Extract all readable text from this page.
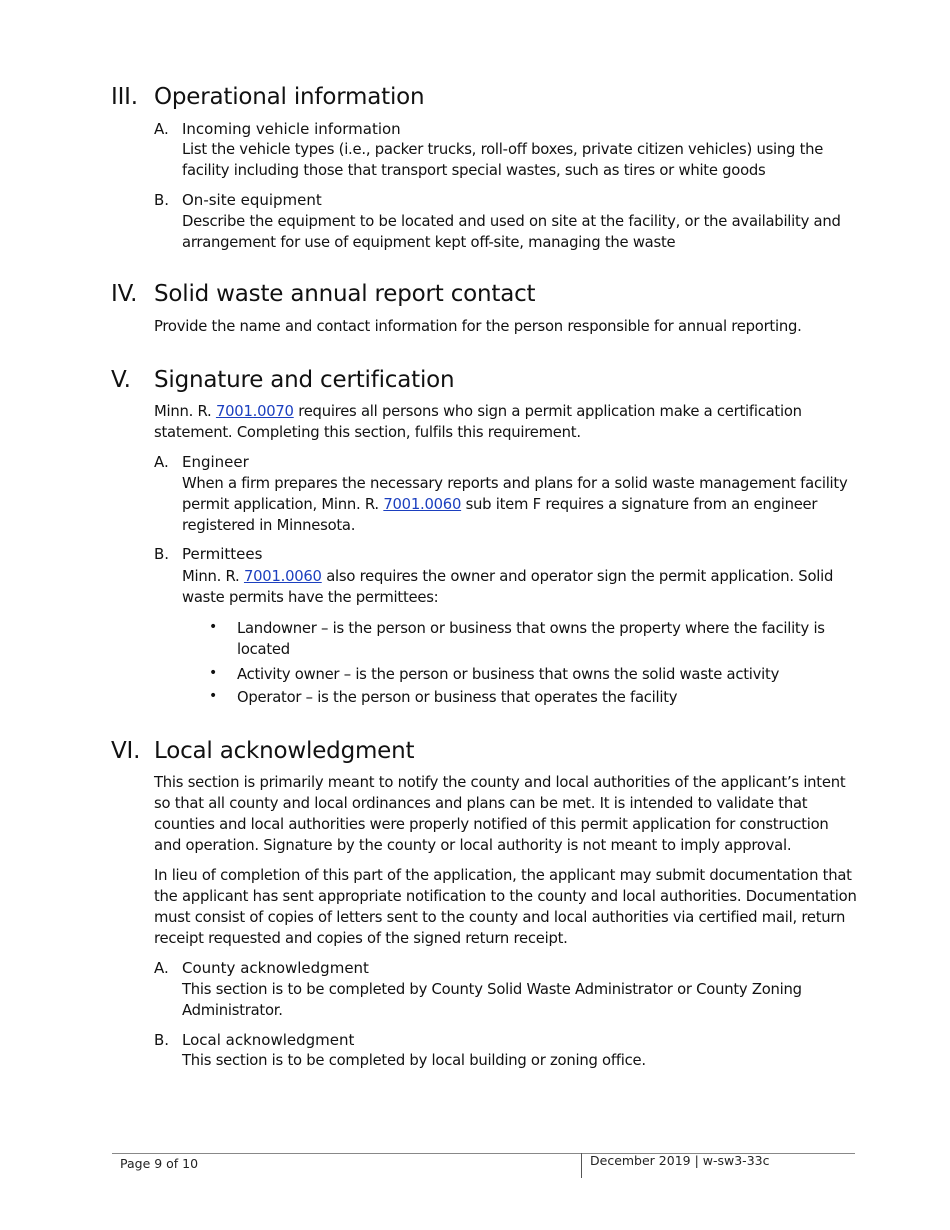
III. Operational information
A. Incoming vehicle information
List the vehicle types (i.e., packer trucks, roll-off boxes, private citizen vehicles) using the
facility including those that transport special wastes, such as tires or white goods
B. On-site equipment
Describe the equipment to be located and used on site at the facility, or the availability and
arrangement for use of equipment kept off-site, managing the waste
IV. Solid waste annual report contact
Provide the name and contact information for the person responsible for annual reporting.
V. Signature and certification
Minn. R. 7001.0070 requires all persons who sign a permit application make a certification
statement. Completing this section, fulfils this requirement.
A. Engineer
When a firm prepares the necessary reports and plans for a solid waste management facility
permit application, Minn. R. 7001.0060 sub item F requires a signature from an engineer
registered in Minnesota.
B. Permittees
Minn. R. 7001.0060 also requires the owner and operator sign the permit application. Solid
waste permits have the permittees:
• Landowner – is the person or business that owns the property where the facility is
located
• Activity owner – is the person or business that owns the solid waste activity
• Operator – is the person or business that operates the facility
VI. Local acknowledgment
This section is primarily meant to notify the county and local authorities of the applicant’s intent
so that all county and local ordinances and plans can be met. It is intended to validate that
counties and local authorities were properly notified of this permit application for construction
and operation. Signature by the county or local authority is not meant to imply approval.
In lieu of completion of this part of the application, the applicant may submit documentation that
the applicant has sent appropriate notification to the county and local authorities. Documentation
must consist of copies of letters sent to the county and local authorities via certified mail, return
receipt requested and copies of the signed return receipt.
A. County acknowledgment
This section is to be completed by County Solid Waste Administrator or County Zoning
Administrator.
B. Local acknowledgment
This section is to be completed by local building or zoning office.
Page 9 of 10	December 2019 | w-sw3-33c
